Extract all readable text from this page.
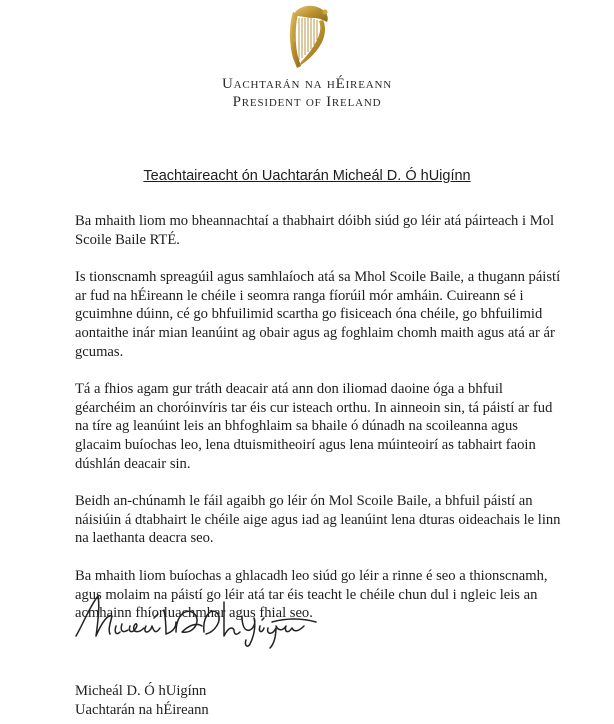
Uachtarán na hÉireann
President of Ireland
Teachtaireacht ón Uachtarán Micheál D. Ó hUigínn

Ba mhaith liom mo bheannachtaí a thabhairt dóibh siúd go léir atá páirteach i Mol Scoile Baile RTÉ.

Is tionscnamh spreagúil agus samhlaíoch atá sa Mhol Scoile Baile, a thugann páistí ar fud na hÉireann le chéile i seomra ranga fíorúil mór amháin. Cuireann sé i gcuimhne dúinn, cé go bhfuilimid scartha go fisiceach óna chéile, go bhfuilimid aontaithe inár mian leanúint ag obair agus ag foghlaim chomh maith agus atá ar ár gcumas.

Tá a fhios agam gur tráth deacair atá ann don iliomad daoine óga a bhfuil géarchéim an choróinvíris tar éis cur isteach orthu. In ainneoin sin, tá páistí ar fud na tíre ag leanúint leis an bhfoghlaim sa bhaile ó dúnadh na scoileanna agus glacaim buíochas leo, lena dtuismitheoirí agus lena múinteoirí as tabhairt faoin dúshlán deacair sin.

Beidh an-chúnamh le fáil agaibh go léir ón Mol Scoile Baile, a bhfuil páistí an náisiúin á dtabhairt le chéile aige agus iad ag leanúint lena dturas oideachais le linn na laethanta deacra seo.

Ba mhaith liom buíochas a ghlacadh leo siúd go léir a rinne é seo a thionscnamh, agus molaim na páistí go léir atá tar éis teacht le chéile chun dul i ngleic leis an acmhainn fhíorluachmhar agus fhial seo.

Micheál D. Ó hUigínn
Uachtarán na hÉireann
